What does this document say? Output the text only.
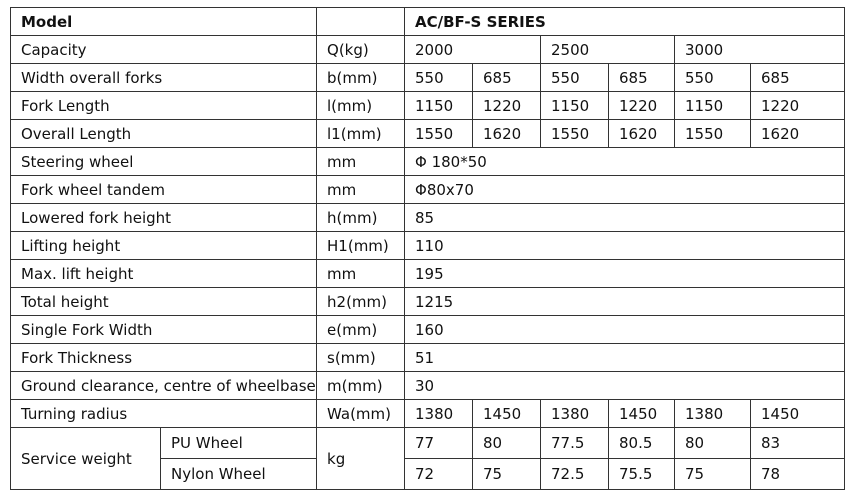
Model			AC/BF-S SERIES					
Capacity		Q(kg)	2000		2500		3000	
Width overall forks		b(mm)	550	685	550	685	550	685
Fork Length		l(mm)	1150	1220	1150	1220	1150	1220
Overall Length		l1(mm)	1550	1620	1550	1620	1550	1620
Steering wheel		mm	Φ 180*50					
Fork wheel tandem		mm	Φ80x70					
Lowered fork height		h(mm)	85					
Lifting height		H1(mm)	110					
Max. lift height		mm	195					
Total height		h2(mm)	1215					
Single Fork Width		e(mm)	160					
Fork Thickness		s(mm)	51					
Ground clearance, centre of wheelbase		m(mm)	30					
Turning radius		Wa(mm)	1380	1450	1380	1450	1380	1450
Service weight	PU Wheel	kg	77	80	77.5	80.5	80	83
	Nylon Wheel		72	75	72.5	75.5	75	78
